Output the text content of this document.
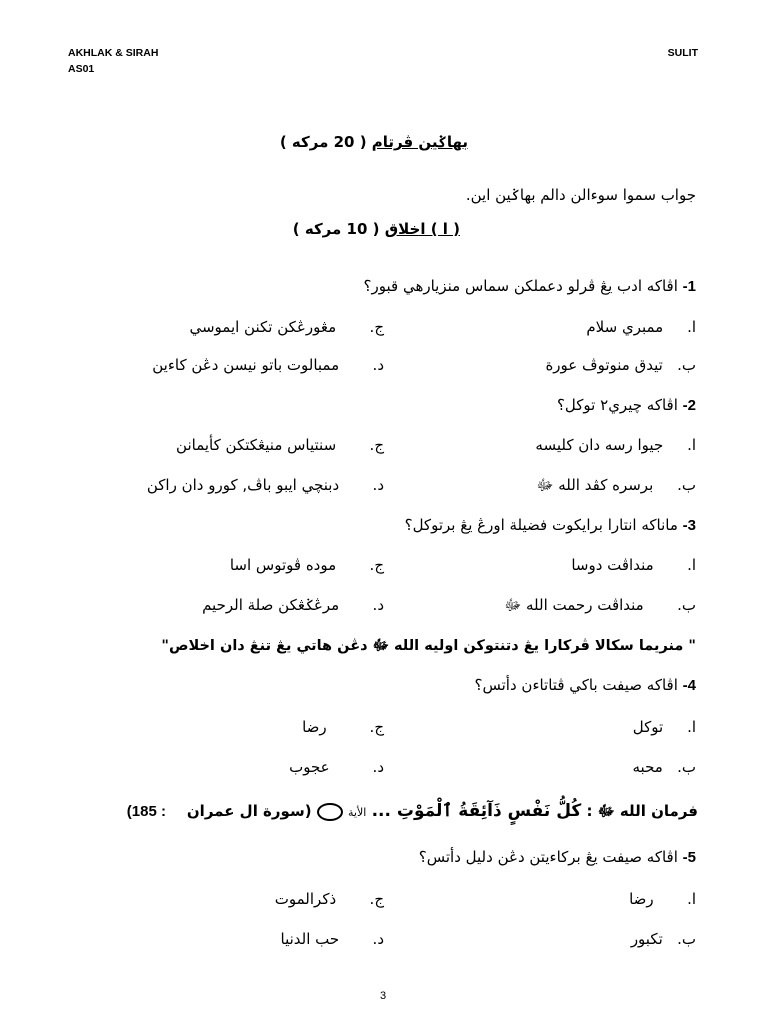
AKHLAK & SIRAH
AS01
SULIT
بهاݢين ڤرتام ( 20 مركه )
جواب سموا سوءالن دالم بهاݢين اين.
( ا ) اخلاق ( 10 مركه )
1- اڤاكه ادب يڠ ڤرلو دعملكن سماس منزيارهي قبور؟
ا.     ممبري سلام
ج.       مڠورڠكن تكنن ايموسي
ب.   تيدق منوتوڤ عورة
د.       ممبالوت باتو نيسن دڠن كاءين
2- اڤاكه چيري٢ توكل؟
ا.     جيوا رسه دان كليسه
ج.       سنتياس منيڠكتكن كأيمانن
ب.     برسره كڤد الله ﷻ
د.       دبنچي ايبو باڤ, كورو دان راكن
3- ماناكه انتارا برايكوت فضيلة اورڠ يڠ برتوكل؟
ا.       منداڤت دوسا
ج.       موده ڤوتوس اسا
ب.       منداڤت رحمت الله ﷻ
د.       مرڠݢڠكن صلة الرحيم
" منريما سكالا ڤركارا يڠ دتنتوكن اوليه الله ﷻ دڠن هاتي يڠ تنڠ دان اخلاص"
4- اڤاكه صيفت باكي ڤتاتاءن دأتس؟
ا.     توكل
ج.         رضا
ب.   محبه
د.         عجوب
فرمان الله ﷻ : كُلُّ نَفْسٍ ذَآئِقَةُ ٱلْمَوْتِ ... الأية  (سورة ال عمران    : 185)
5- اڤاكه صيفت يڠ بركاءيتن دڠن دليل دأتس؟
ا.       رضا
ج.       ذكرالموت
ب.   تكبور
د.       حب الدنيا
3
